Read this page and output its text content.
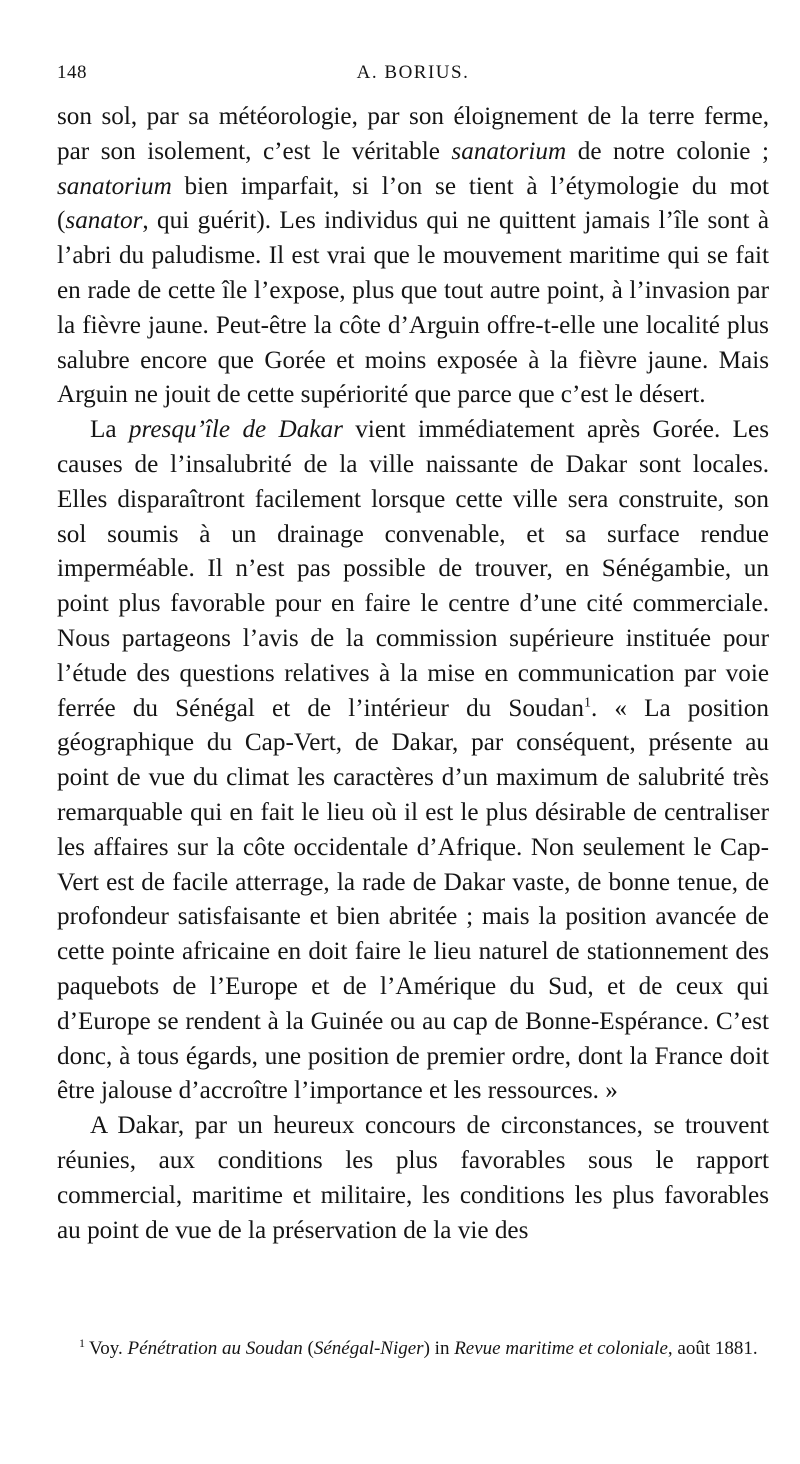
148	A. BORIUS.

son sol, par sa météorologie, par son éloignement de la terre ferme, par son isolement, c’est le véritable sanatorium de notre colonie ; sanatorium bien imparfait, si l’on se tient à l’étymologie du mot (sanator, qui guérit). Les individus qui ne quittent jamais l’île sont à l’abri du paludisme. Il est vrai que le mouvement maritime qui se fait en rade de cette île l’expose, plus que tout autre point, à l’invasion par la fièvre jaune. Peut-être la côte d’Arguin offre-t-elle une localité plus salubre encore que Gorée et moins exposée à la fièvre jaune. Mais Arguin ne jouit de cette supériorité que parce que c’est le désert.

La presqu’île de Dakar vient immédiatement après Gorée. Les causes de l’insalubrité de la ville naissante de Dakar sont locales. Elles disparaîtront facilement lorsque cette ville sera construite, son sol soumis à un drainage convenable, et sa surface rendue imperméable. Il n’est pas possible de trouver, en Sénégambie, un point plus favorable pour en faire le centre d’une cité commerciale. Nous partageons l’avis de la commission supérieure instituée pour l’étude des questions relatives à la mise en communication par voie ferrée du Sénégal et de l’intérieur du Soudan$^1$. « La position géographique du Cap-Vert, de Dakar, par conséquent, présente au point de vue du climat les caractères d’un maximum de salubrité très remarquable qui en fait le lieu où il est le plus désirable de centraliser les affaires sur la côte occidentale d’Afrique. Non seulement le Cap-Vert est de facile atterrage, la rade de Dakar vaste, de bonne tenue, de profondeur satisfaisante et bien abritée ; mais la position avancée de cette pointe africaine en doit faire le lieu naturel de stationnement des paquebots de l’Europe et de l’Amérique du Sud, et de ceux qui d’Europe se rendent à la Guinée ou au cap de Bonne-Espérance. C’est donc, à tous égards, une position de premier ordre, dont la France doit être jalouse d’accroître l’importance et les ressources. »

A Dakar, par un heureux concours de circonstances, se trouvent réunies, aux conditions les plus favorables sous le rapport commercial, maritime et militaire, les conditions les plus favorables au point de vue de la préservation de la vie des

$^1$ Voy. Pénétration au Soudan (Sénégal-Niger) in Revue maritime et coloniale, août 1881.
